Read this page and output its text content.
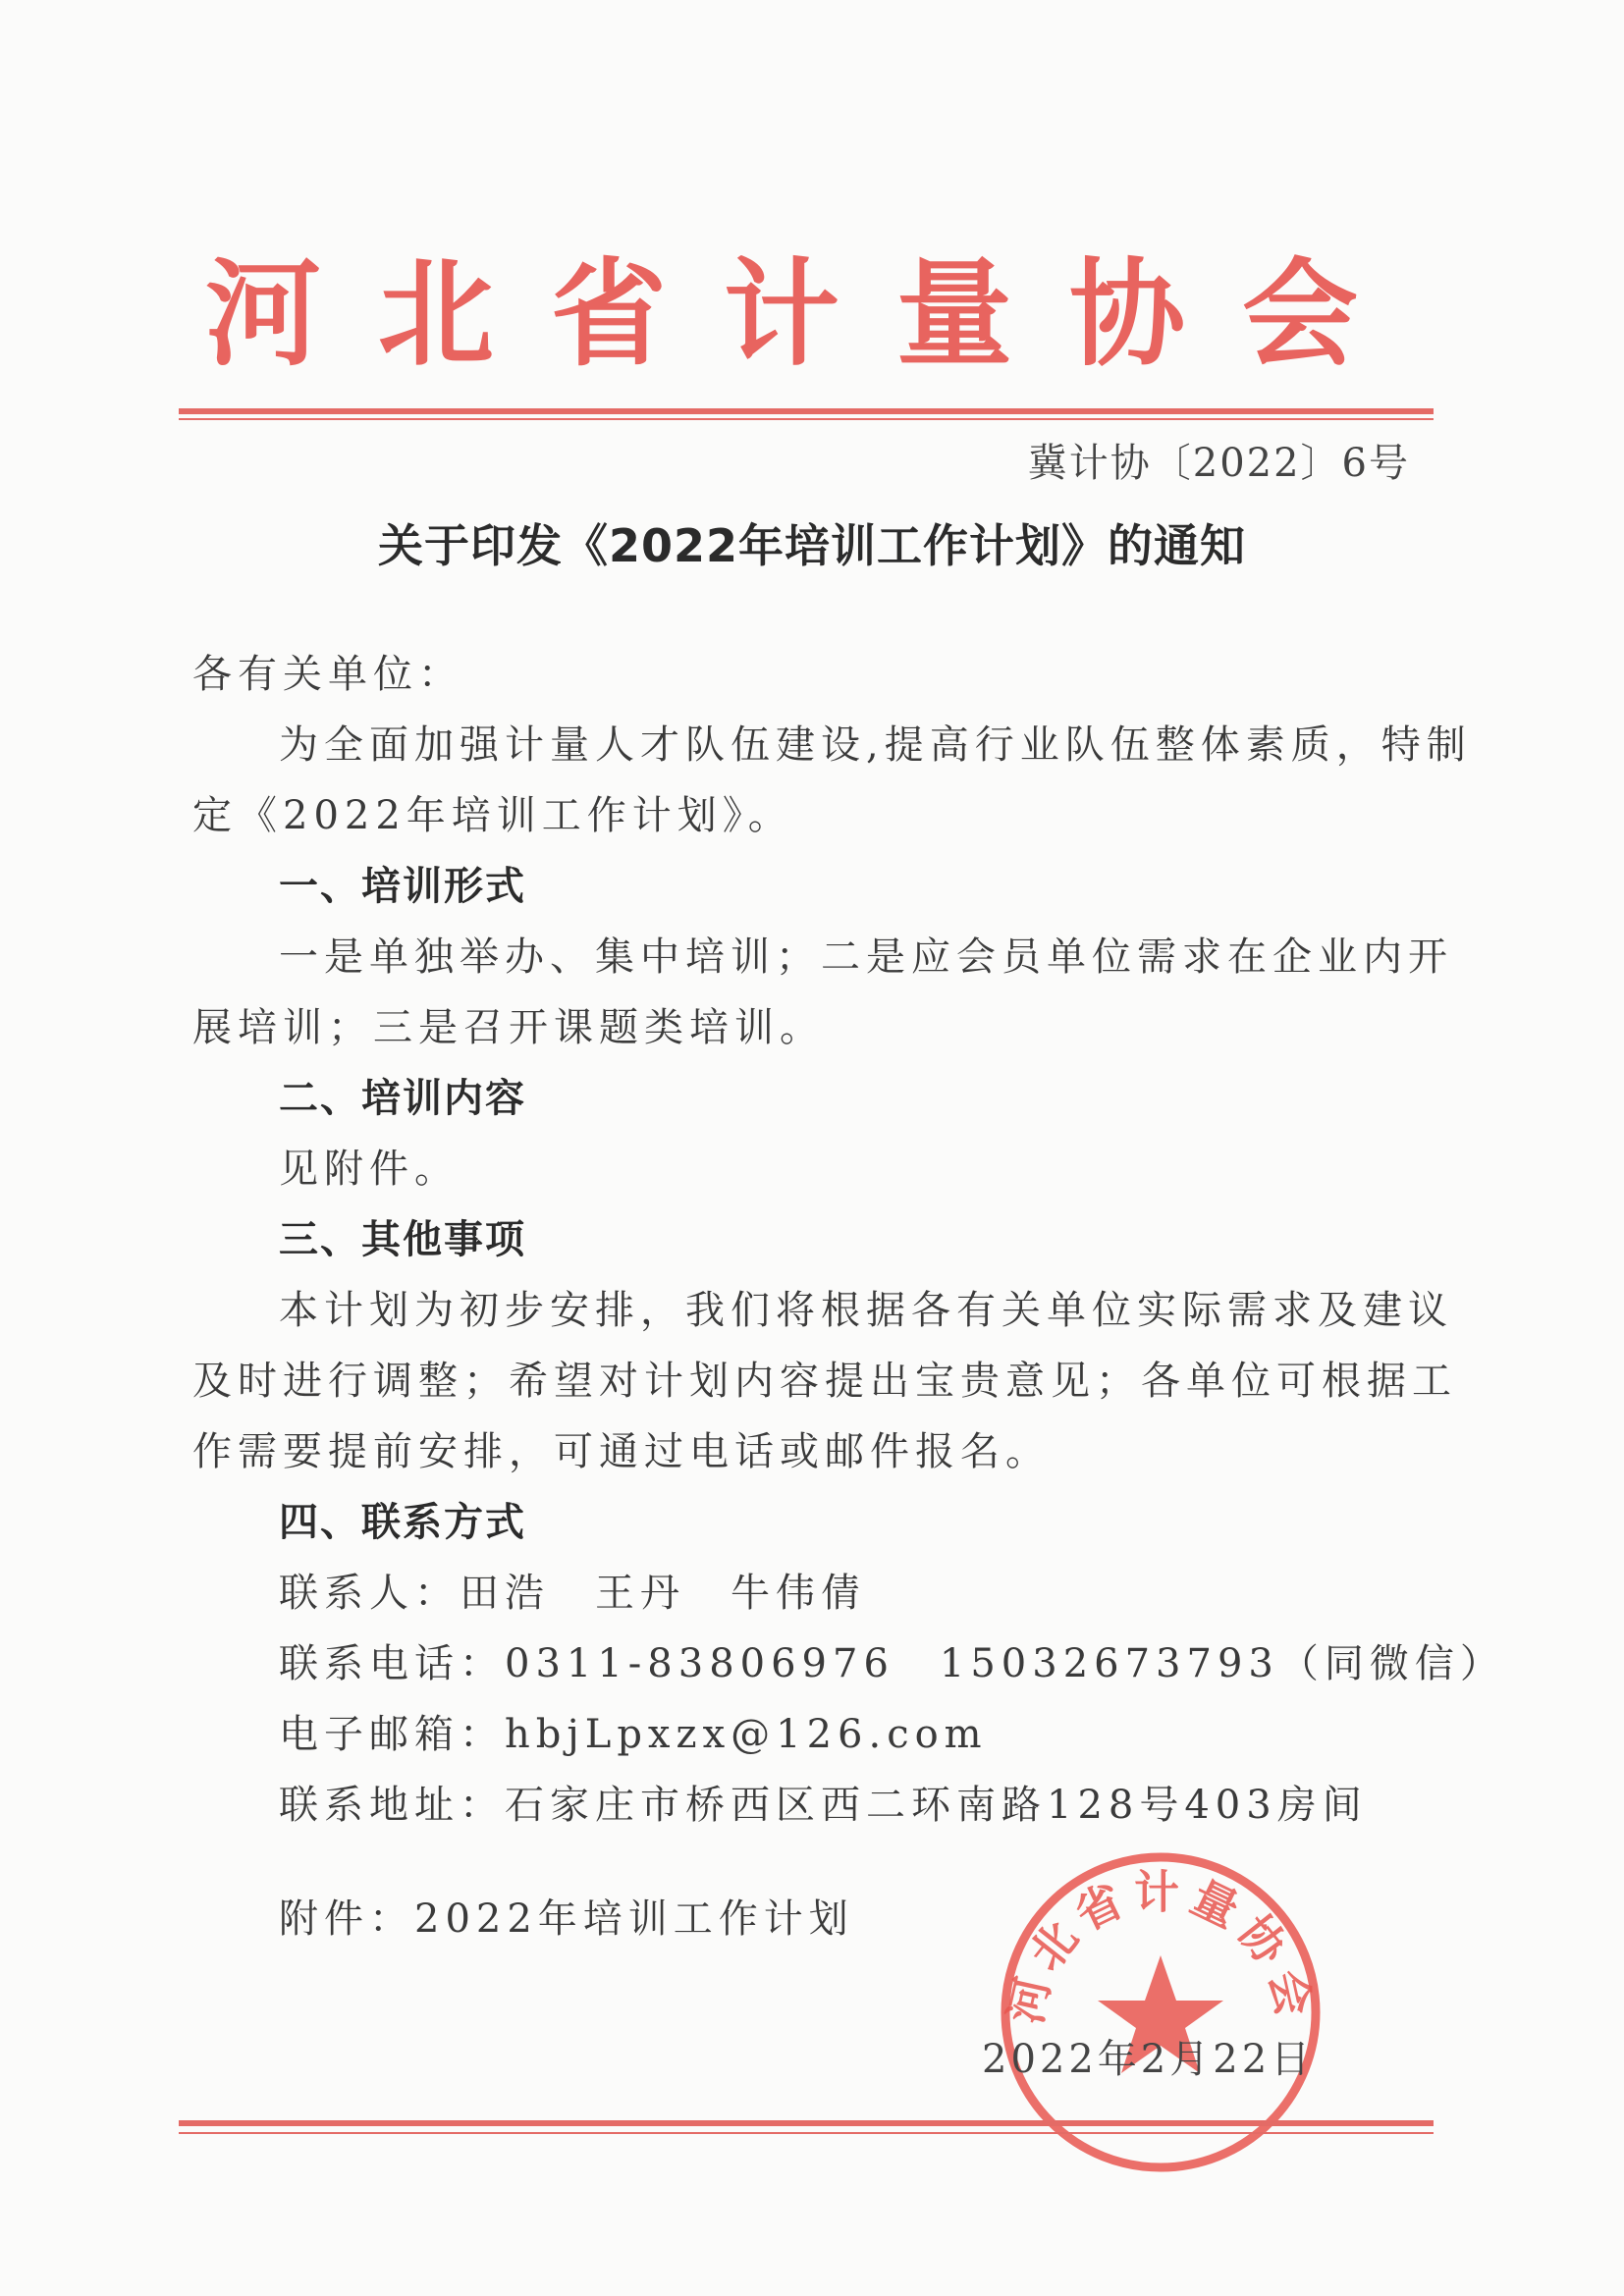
河北省计量协会
冀计协〔2022〕6号
关于印发《2022年培训工作计划》的通知
各有关单位：
为全面加强计量人才队伍建设,提高行业队伍整体素质，特制
定《2022年培训工作计划》。
一、培训形式
一是单独举办、集中培训；二是应会员单位需求在企业内开
展培训；三是召开课题类培训。
二、培训内容
见附件。
三、其他事项
本计划为初步安排，我们将根据各有关单位实际需求及建议
及时进行调整；希望对计划内容提出宝贵意见；各单位可根据工
作需要提前安排，可通过电话或邮件报名。
四、联系方式
联系人：田浩　王丹　牛伟倩
联系电话：0311-83806976　15032673793（同微信）
电子邮箱：hbjLpxzx@126.com
联系地址：石家庄市桥西区西二环南路128号403房间
附件：2022年培训工作计划
河北省计量协会
2022年2月22日
